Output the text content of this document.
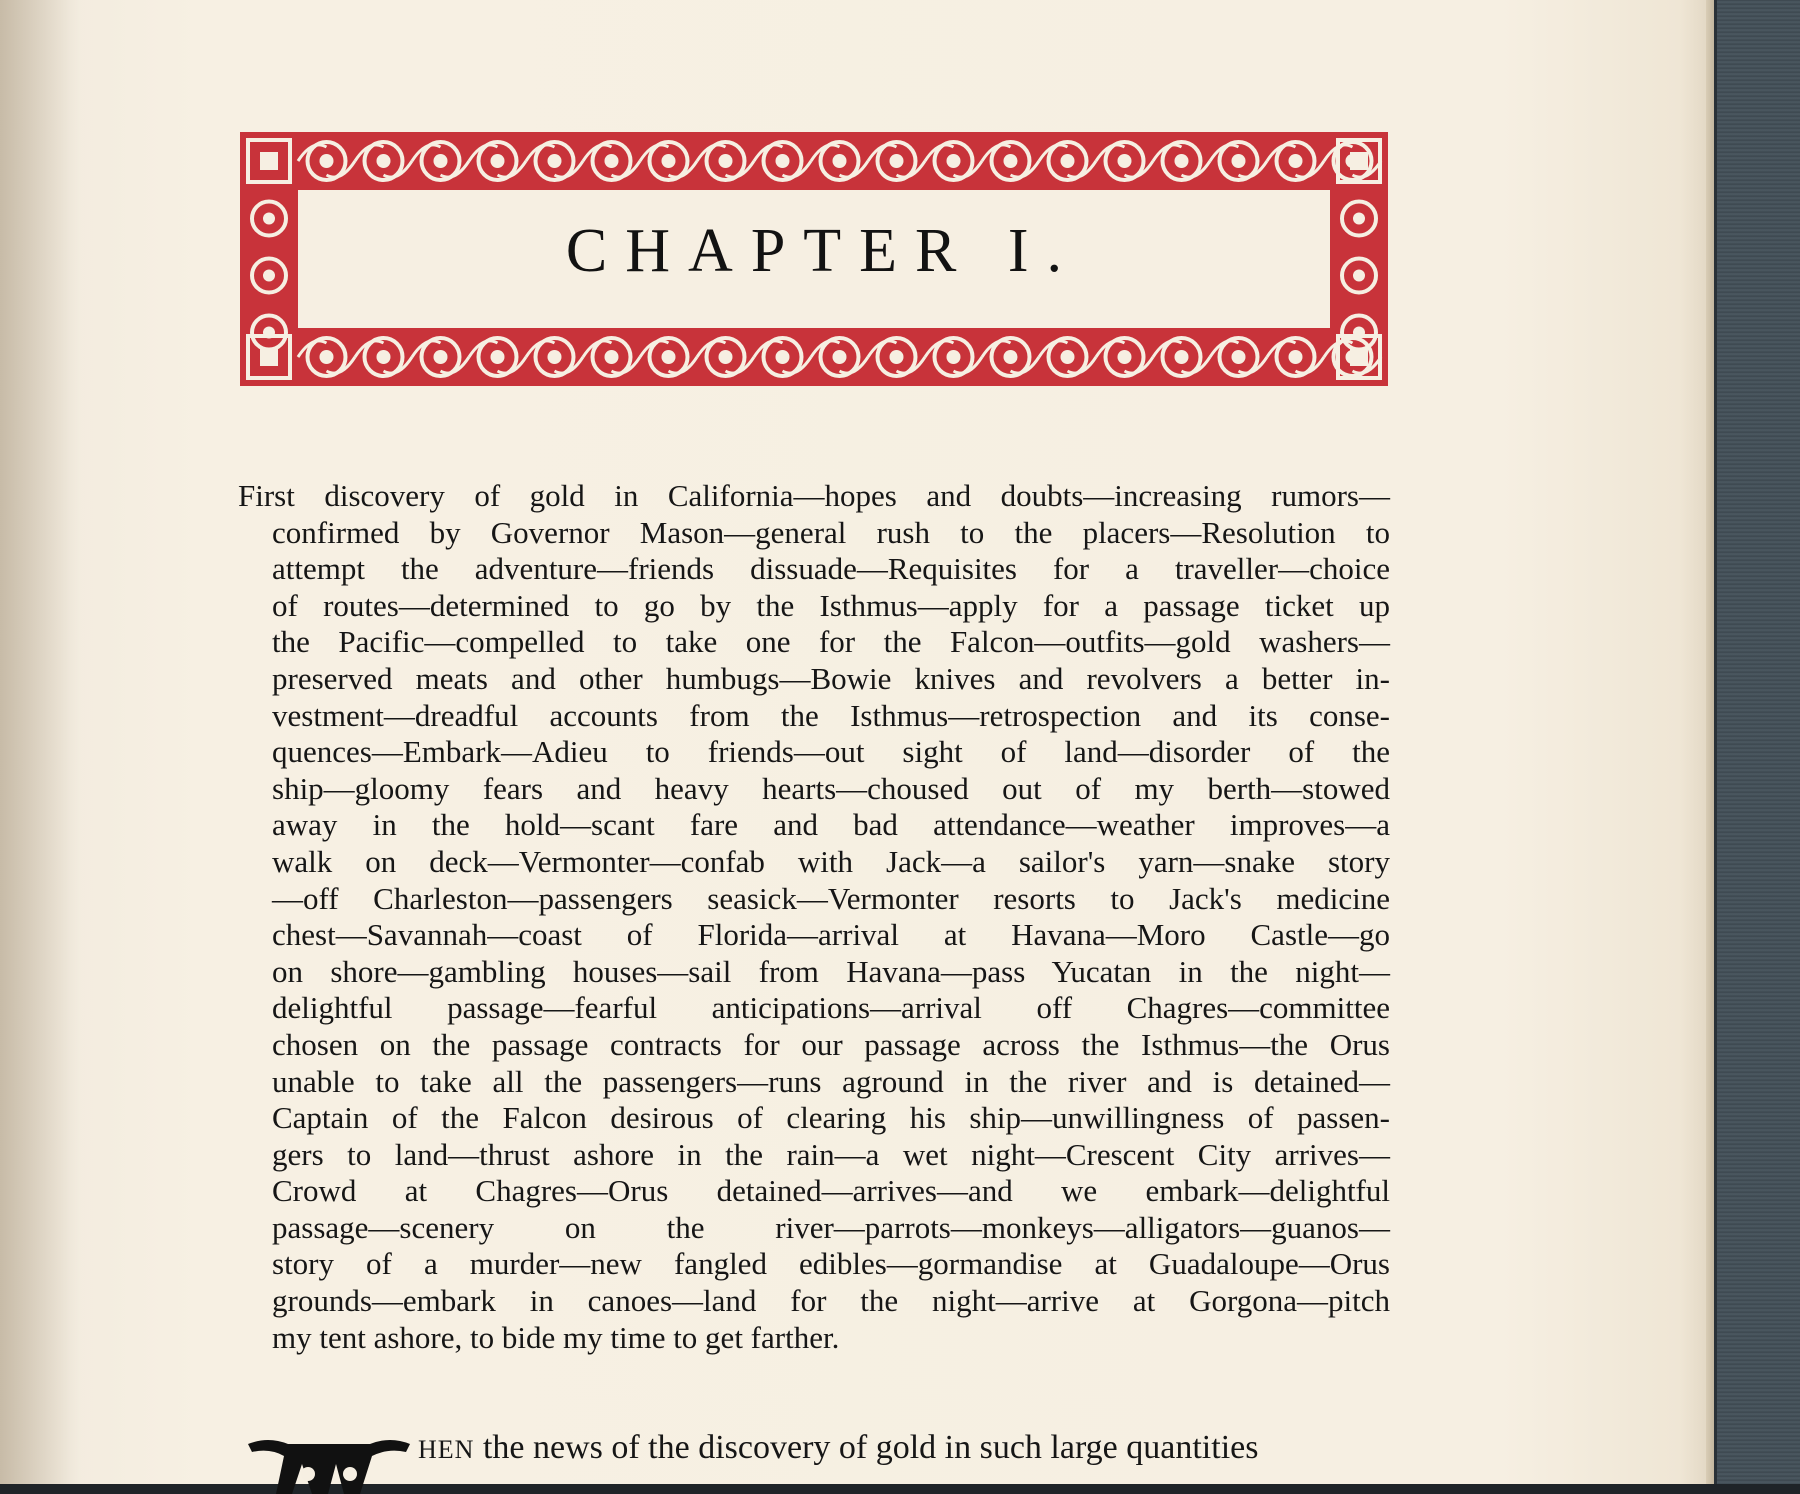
CHAPTER I.
First discovery of gold in California—hopes and doubts—increasing rumors—
confirmed by Governor Mason—general rush to the placers—Resolution to
attempt the adventure—friends dissuade—Requisites for a traveller—choice
of routes—determined to go by the Isthmus—apply for a passage ticket up
the Pacific—compelled to take one for the Falcon—outfits—gold washers—
preserved meats and other humbugs—Bowie knives and revolvers a better in-
vestment—dreadful accounts from the Isthmus—retrospection and its conse-
quences—Embark—Adieu to friends—out sight of land—disorder of the
ship—gloomy fears and heavy hearts—choused out of my berth—stowed
away in the hold—scant fare and bad attendance—weather improves—a
walk on deck—Vermonter—confab with Jack—a sailor's yarn—snake story
—off Charleston—passengers seasick—Vermonter resorts to Jack's medicine
chest—Savannah—coast of Florida—arrival at Havana—Moro Castle—go
on shore—gambling houses—sail from Havana—pass Yucatan in the night—
delightful passage—fearful anticipations—arrival off Chagres—committee
chosen on the passage contracts for our passage across the Isthmus—the Orus
unable to take all the passengers—runs aground in the river and is detained—
Captain of the Falcon desirous of clearing his ship—unwillingness of passen-
gers to land—thrust ashore in the rain—a wet night—Crescent City arrives—
Crowd at Chagres—Orus detained—arrives—and we embark—delightful
passage—scenery on the river—parrots—monkeys—alligators—guanos—
story of a murder—new fangled edibles—gormandise at Guadaloupe—Orus
grounds—embark in canoes—land for the night—arrive at Gorgona—pitch
my tent ashore, to bide my time to get farther.
HEN the news of the discovery of gold in such large quantities
